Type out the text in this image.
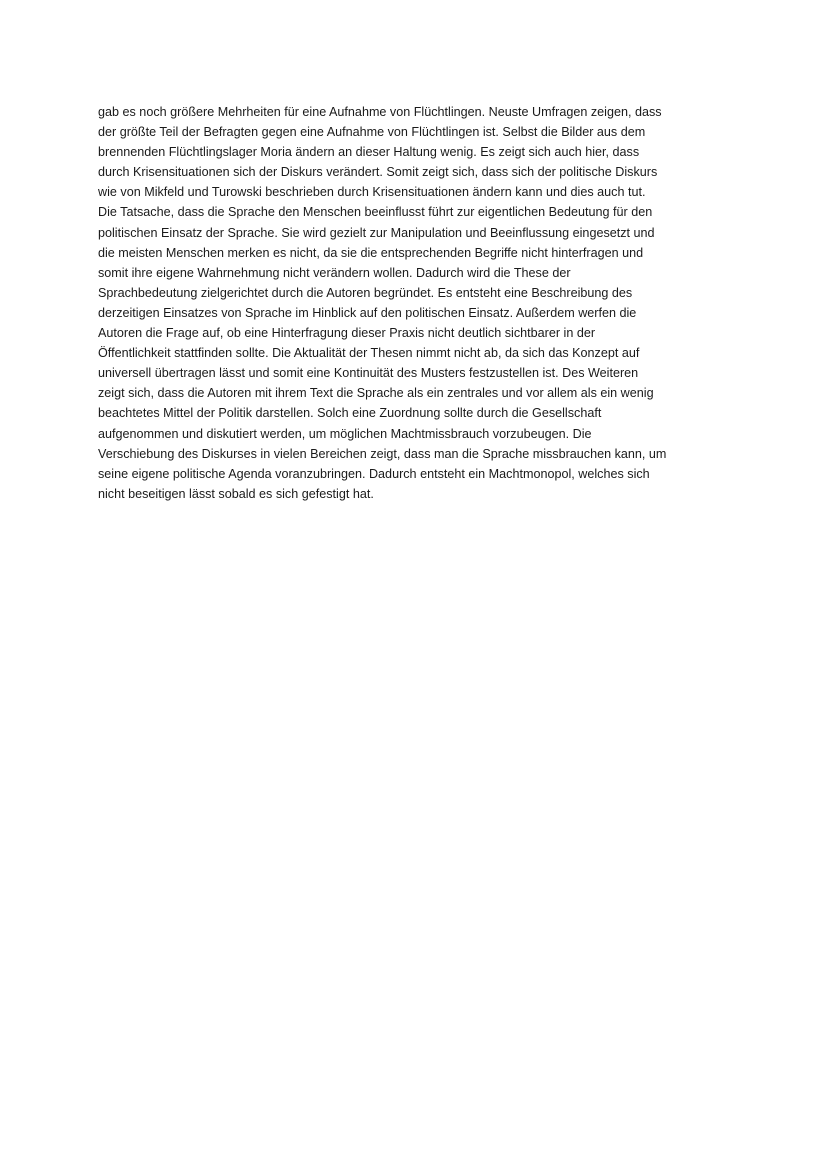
gab es noch größere Mehrheiten für eine Aufnahme von Flüchtlingen. Neuste Umfragen zeigen, dass
der größte Teil der Befragten gegen eine Aufnahme von Flüchtlingen ist. Selbst die Bilder aus dem
brennenden Flüchtlingslager Moria ändern an dieser Haltung wenig. Es zeigt sich auch hier, dass
durch Krisensituationen sich der Diskurs verändert. Somit zeigt sich, dass sich der politische Diskurs
wie von Mikfeld und Turowski beschrieben durch Krisensituationen ändern kann und dies auch tut.
Die Tatsache, dass die Sprache den Menschen beeinflusst führt zur eigentlichen Bedeutung für den
politischen Einsatz der Sprache. Sie wird gezielt zur Manipulation und Beeinflussung eingesetzt und
die meisten Menschen merken es nicht, da sie die entsprechenden Begriffe nicht hinterfragen und
somit ihre eigene Wahrnehmung nicht verändern wollen. Dadurch wird die These der
Sprachbedeutung zielgerichtet durch die Autoren begründet. Es entsteht eine Beschreibung des
derzeitigen Einsatzes von Sprache im Hinblick auf den politischen Einsatz. Außerdem werfen die
Autoren die Frage auf, ob eine Hinterfragung dieser Praxis nicht deutlich sichtbarer in der
Öffentlichkeit stattfinden sollte. Die Aktualität der Thesen nimmt nicht ab, da sich das Konzept auf
universell übertragen lässt und somit eine Kontinuität des Musters festzustellen ist. Des Weiteren
zeigt sich, dass die Autoren mit ihrem Text die Sprache als ein zentrales und vor allem als ein wenig
beachtetes Mittel der Politik darstellen. Solch eine Zuordnung sollte durch die Gesellschaft
aufgenommen und diskutiert werden, um möglichen Machtmissbrauch vorzubeugen. Die
Verschiebung des Diskurses in vielen Bereichen zeigt, dass man die Sprache missbrauchen kann, um
seine eigene politische Agenda voranzubringen. Dadurch entsteht ein Machtmonopol, welches sich
nicht beseitigen lässt sobald es sich gefestigt hat.
